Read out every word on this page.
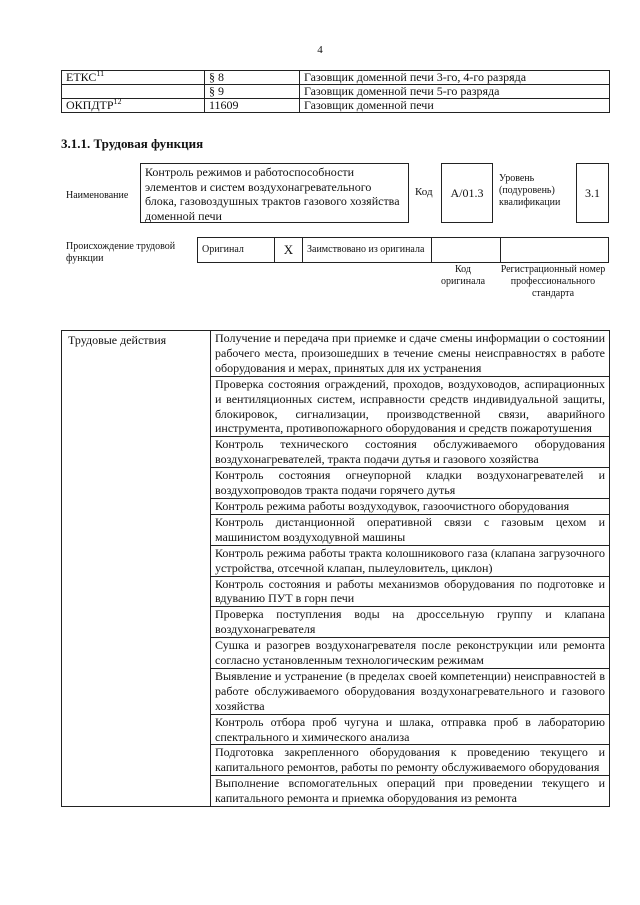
4
ЕТКС$^{11}$	§ 8	Газовщик доменной печи 3-го, 4-го разряда
	§ 9	Газовщик доменной печи 5-го разряда
ОКПДТР$^{12}$	11609	Газовщик доменной печи
3.1.1. Трудовая функция
Наименование
Контроль режимов и работоспособности элементов и систем воздухонагревательного блока, газовоздушных трактов газового хозяйства доменной печи
Код	А/01.3
Уровень (подуровень) квалификации
3.1
Происхождение трудовой функции
Оригинал	X	Заимствовано из оригинала		
Код оригинала
Регистрационный номер профессионального стандарта
Трудовые действия	Получение и передача при приемке и сдаче смены информации о состоянии рабочего места, произошедших в течение смены неисправностях в работе оборудования и мерах, принятых для их устранения
Проверка состояния ограждений, проходов, воздуховодов, аспирационных и вентиляционных систем, исправности средств индивидуальной защиты, блокировок, сигнализации, производственной связи, аварийного инструмента, противопожарного оборудования и средств пожаротушения
Контроль технического состояния обслуживаемого оборудования воздухонагревателей, тракта подачи дутья и газового хозяйства
Контроль состояния огнеупорной кладки воздухонагревателей и воздухопроводов тракта подачи горячего дутья
Контроль режима работы воздуходувок, газоочистного оборудования
Контроль дистанционной оперативной связи с газовым цехом и машинистом воздуходувной машины
Контроль режима работы тракта колошникового газа (клапана загрузочного устройства, отсечной клапан, пылеуловитель, циклон)
Контроль состояния и работы механизмов оборудования по подготовке и вдуванию ПУТ в горн печи
Проверка поступления воды на дроссельную группу и клапана воздухонагревателя
Сушка и разогрев воздухонагревателя после реконструкции или ремонта согласно установленным технологическим режимам
Выявление и устранение (в пределах своей компетенции) неисправностей в работе обслуживаемого оборудования воздухонагревательного и газового хозяйства
Контроль отбора проб чугуна и шлака, отправка проб в лабораторию спектрального и химического анализа
Подготовка закрепленного оборудования к проведению текущего и капитального ремонтов, работы по ремонту обслуживаемого оборудования
Выполнение вспомогательных операций при проведении текущего и капитального ремонта и приемка оборудования из ремонта
